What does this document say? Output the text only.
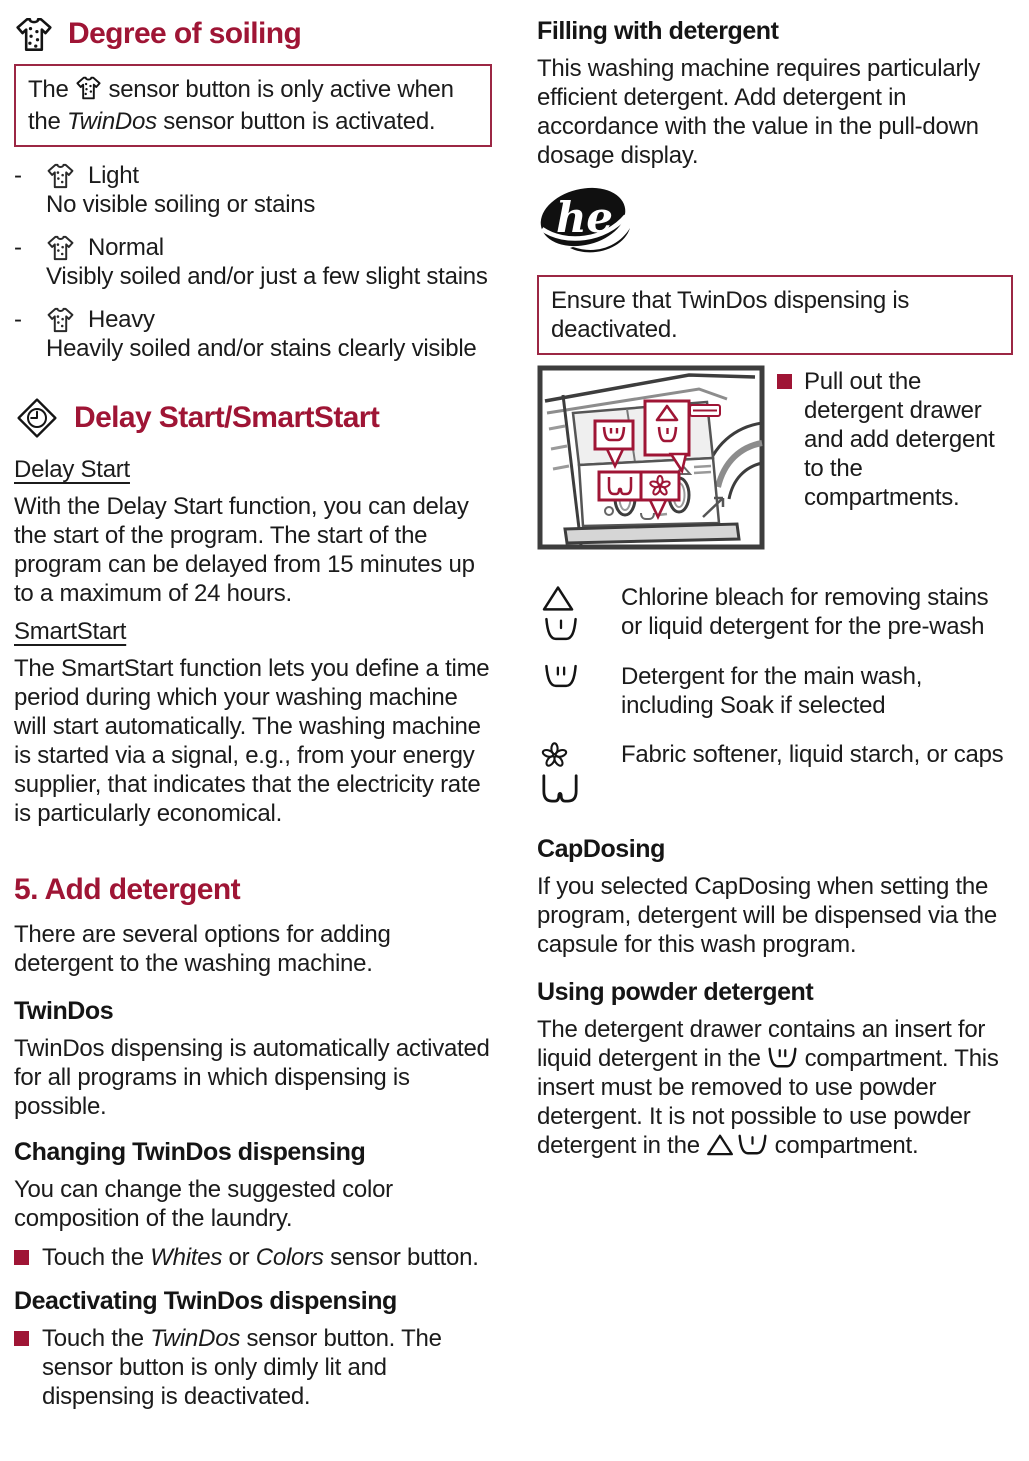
Degree of soiling
The  sensor button is only active when the TwinDos sensor button is activated.
-	Light
No visible soiling or stains
-	Normal
Visibly soiled and/or just a few slight stains
-	Heavy
Heavily soiled and/or stains clearly visible
Delay Start/SmartStart
Delay Start

With the Delay Start function, you can delay the start of the program. The start of the program can be delayed from 15 minutes up to a maximum of 24 hours.

SmartStart

The SmartStart function lets you define a time period during which your washing machine will start automatically. The washing machine is started via a signal, e.g., from your energy supplier, that indicates that the electricity rate is particularly economical.

5. Add detergent

There are several options for adding detergent to the washing machine.

TwinDos

TwinDos dispensing is automatically activated for all programs in which dispensing is possible.

Changing TwinDos dispensing

You can change the suggested color composition of the laundry.

Touch the Whites or Colors sensor button.
Deactivating TwinDos dispensing
Touch the TwinDos sensor button. The sensor button is only dimly lit and dispensing is deactivated.
Filling with detergent

This washing machine requires particularly efficient detergent. Add detergent in accordance with the value in the pull-down dosage display.

he
Ensure that TwinDos dispensing is deactivated.
Pull out the detergent drawer and add detergent to the compartments.
Chlorine bleach for removing stains or liquid detergent for the pre-wash
Detergent for the main wash, including Soak if selected
Fabric softener, liquid starch, or caps
CapDosing

If you selected CapDosing when setting the program, detergent will be dispensed via the capsule for this wash program.

Using powder detergent

The detergent drawer contains an insert for liquid detergent in the  compartment. This insert must be removed to use powder detergent. It is not possible to use powder detergent in the	compartment.
